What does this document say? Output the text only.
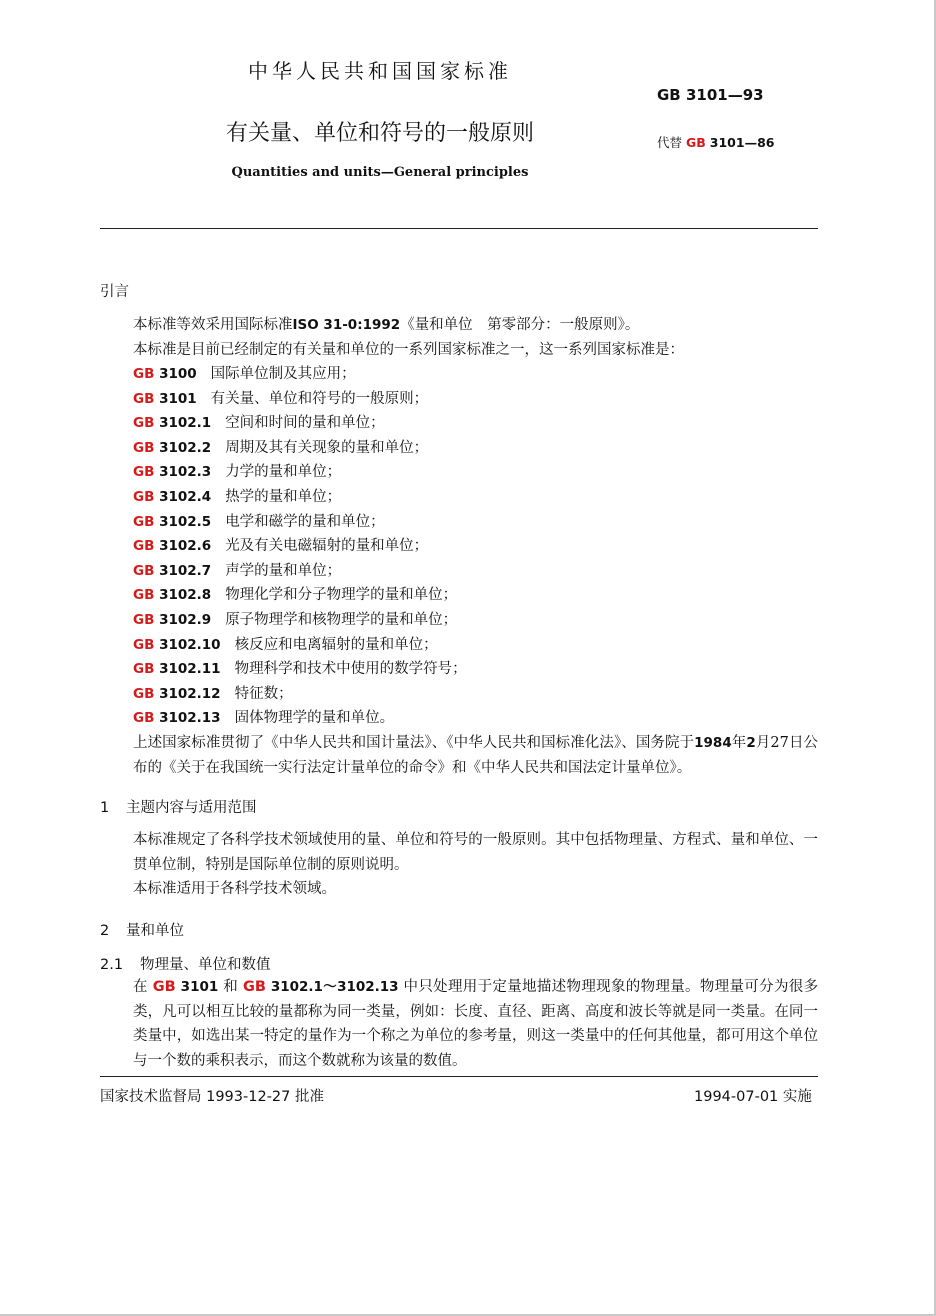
中华人民共和国国家标准
GB 3101—93
有关量、单位和符号的一般原则	代替 GB 3101—86
Quantities and units—General principles
引言
本标准等效采用国际标准ISO 31-0:1992《量和单位　第零部分：一般原则》。
本标准是目前已经制定的有关量和单位的一系列国家标准之一，这一系列国家标准是：
GB 3100 国际单位制及其应用；
GB 3101 有关量、单位和符号的一般原则；
GB 3102.1 空间和时间的量和单位；
GB 3102.2 周期及其有关现象的量和单位；
GB 3102.3 力学的量和单位；
GB 3102.4 热学的量和单位；
GB 3102.5 电学和磁学的量和单位；
GB 3102.6 光及有关电磁辐射的量和单位；
GB 3102.7 声学的量和单位；
GB 3102.8 物理化学和分子物理学的量和单位；
GB 3102.9 原子物理学和核物理学的量和单位；
GB 3102.10 核反应和电离辐射的量和单位；
GB 3102.11 物理科学和技术中使用的数学符号；
GB 3102.12 特征数；
GB 3102.13 固体物理学的量和单位。
上述国家标准贯彻了《中华人民共和国计量法》、《中华人民共和国标准化法》、国务院于1984年2月27日公布的《关于在我国统一实行法定计量单位的命令》和《中华人民共和国法定计量单位》。
1 主题内容与适用范围
本标准规定了各科学技术领域使用的量、单位和符号的一般原则。其中包括物理量、方程式、量和单位、一贯单位制，特别是国际单位制的原则说明。
本标准适用于各科学技术领域。
2 量和单位
2.1 物理量、单位和数值
在 GB 3101 和 GB 3102.1～3102.13 中只处理用于定量地描述物理现象的物理量。物理量可分为很多类，凡可以相互比较的量都称为同一类量，例如：长度、直径、距离、高度和波长等就是同一类量。在同一类量中，如选出某一特定的量作为一个称之为单位的参考量，则这一类量中的任何其他量，都可用这个单位与一个数的乘积表示，而这个数就称为该量的数值。
国家技术监督局 1993-12-27 批准	1994-07-01 实施
